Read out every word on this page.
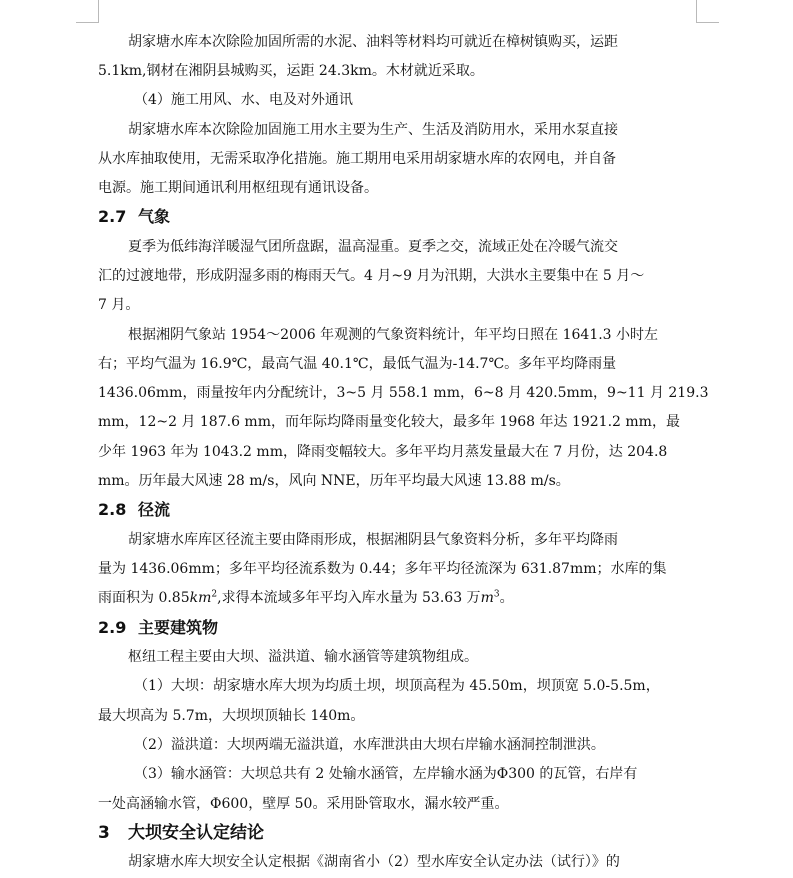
胡家塘水库本次除险加固所需的水泥、油料等材料均可就近在樟树镇购买，运距
5.1km,钢材在湘阴县城购买，运距 24.3km。木材就近采取。
（4）施工用风、水、电及对外通讯
胡家塘水库本次除险加固施工用水主要为生产、生活及消防用水，采用水泵直接
从水库抽取使用，无需采取净化措施。施工期用电采用胡家塘水库的农网电，并自备
电源。施工期间通讯利用枢纽现有通讯设备。
2.7 气象
夏季为低纬海洋暖湿气团所盘踞，温高湿重。夏季之交，流域正处在冷暖气流交
汇的过渡地带，形成阴湿多雨的梅雨天气。4 月~9 月为汛期，大洪水主要集中在 5 月～
7 月。
根据湘阴气象站 1954～2006 年观测的气象资料统计，年平均日照在 1641.3 小时左
右；平均气温为 16.9℃，最高气温 40.1℃，最低气温为-14.7℃。多年平均降雨量
1436.06mm，雨量按年内分配统计，3~5 月 558.1 mm，6~8 月 420.5mm，9~11 月 219.3
mm，12~2 月 187.6 mm，而年际均降雨量变化较大，最多年 1968 年达 1921.2 mm，最
少年 1963 年为 1043.2 mm，降雨变幅较大。多年平均月蒸发量最大在 7 月份，达 204.8
mm。历年最大风速 28 m/s，风向 NNE，历年平均最大风速 13.88 m/s。
2.8 径流
胡家塘水库库区径流主要由降雨形成，根据湘阴县气象资料分析，多年平均降雨
量为 1436.06mm；多年平均径流系数为 0.44；多年平均径流深为 631.87mm；水库的集
雨面积为 $0.85km^2$,求得本流域多年平均入库水量为 53.63 万$m^3$。
2.9 主要建筑物
枢纽工程主要由大坝、溢洪道、输水涵管等建筑物组成。
（1）大坝：胡家塘水库大坝为均质土坝，坝顶高程为 45.50m，坝顶宽 5.0-5.5m，
最大坝高为 5.7m，大坝坝顶轴长 140m。
（2）溢洪道：大坝两端无溢洪道，水库泄洪由大坝右岸输水涵洞控制泄洪。
（3）输水涵管：大坝总共有 2 处输水涵管，左岸输水涵为Φ300 的瓦管，右岸有
一处高涵输水管，Φ600，壁厚 50。采用卧管取水，漏水较严重。
3 大坝安全认定结论
胡家塘水库大坝安全认定根据《湖南省小（2）型水库安全认定办法（试行）》的
